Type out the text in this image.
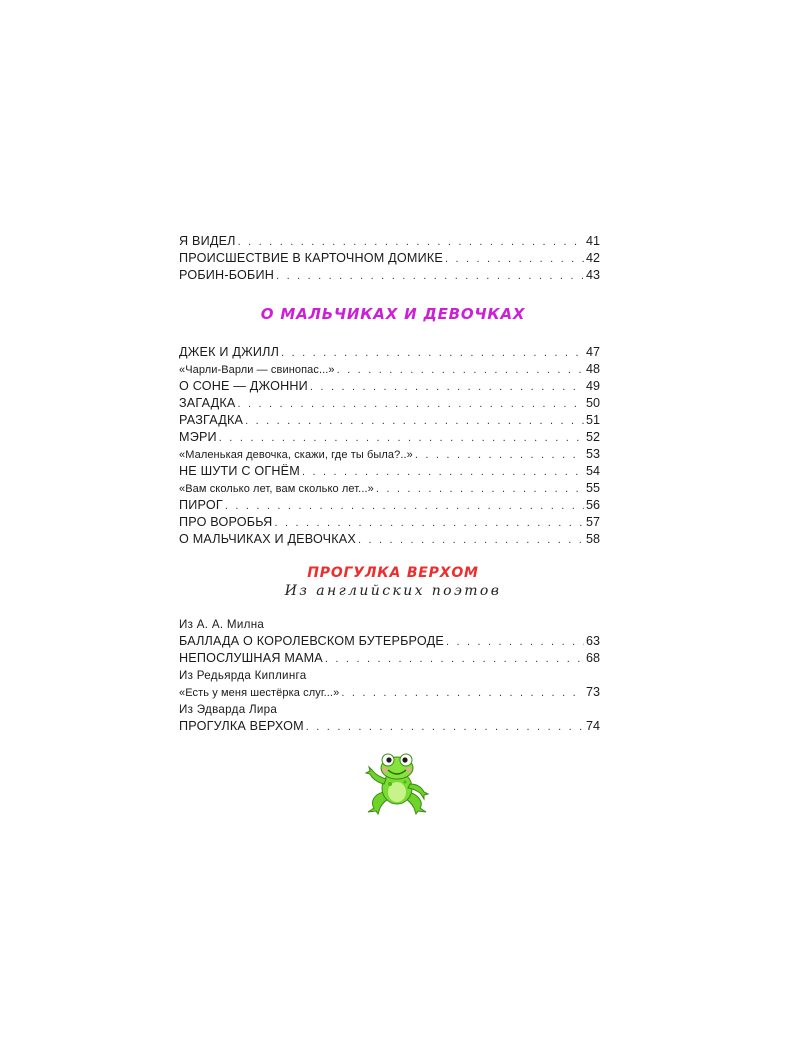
Я ВИДЕЛ . . .	41
ПРОИСШЕСТВИЕ В КАРТОЧНОМ ДОМИКЕ . . .	42
РОБИН-БОБИН . . .	43
О МАЛЬЧИКАХ И ДЕВОЧКАХ
ДЖЕК И ДЖИЛЛ . . .	47
«Чарли-Варли — свинопас...» . . .	48
О СОНЕ — ДЖОННИ . . .	49
ЗАГАДКА . . .	50
РАЗГАДКА . . .	51
МЭРИ . . .	52
«Маленькая девочка, скажи, где ты была?..» . . .	53
НЕ ШУТИ С ОГНЁМ . . .	54
«Вам сколько лет, вам сколько лет...» . . .	55
ПИРОГ . . .	56
ПРО ВОРОБЬЯ . . .	57
О МАЛЬЧИКАХ И ДЕВОЧКАХ . . .	58
ПРОГУЛКА ВЕРХОМ
Из английских поэтов
Из А. А. Милна
БАЛЛАДА О КОРОЛЕВСКОМ БУТЕРБРОДЕ . . .	63
НЕПОСЛУШНАЯ МАМА . . .	68
Из Редьярда Киплинга
«Есть у меня шестёрка слуг...» . . .	73
Из Эдварда Лира
ПРОГУЛКА ВЕРХОМ . . .	74
